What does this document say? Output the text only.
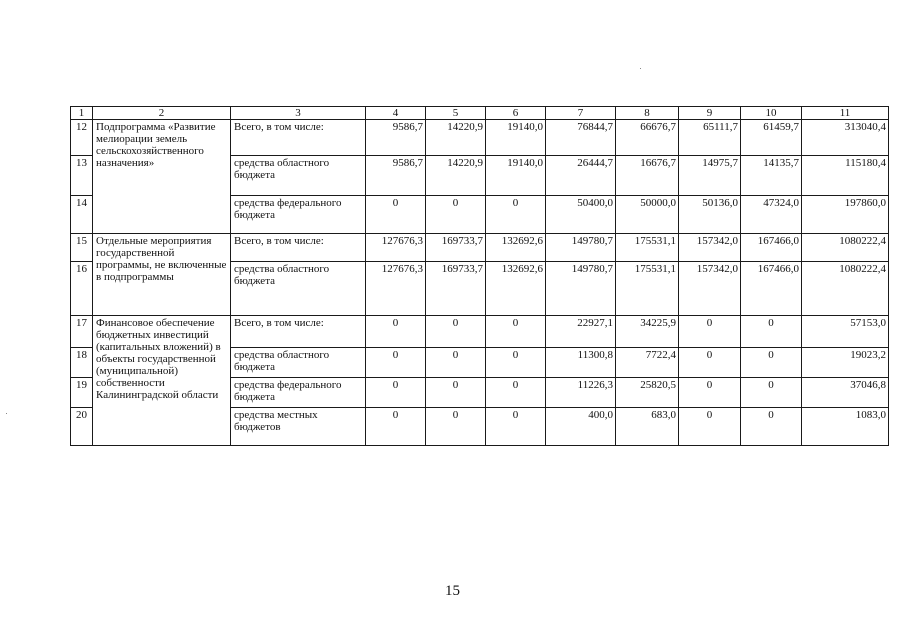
1	2	3	4	5	6	7	8	9	10	11
12	Подпрограмма «Развитие мелиорации земель сельскохозяйственного назначения»	Всего, в том числе:	9586,7	14220,9	19140,0	76844,7	66676,7	65111,7	61459,7	313040,4
13		средства областного бюджета	9586,7	14220,9	19140,0	26444,7	16676,7	14975,7	14135,7	115180,4
14		средства федерального бюджета	0	0	0	50400,0	50000,0	50136,0	47324,0	197860,0
15	Отдельные мероприятия государственной программы, не включенные в подпрограммы	Всего, в том числе:	127676,3	169733,7	132692,6	149780,7	175531,1	157342,0	167466,0	1080222,4
16		средства областного бюджета	127676,3	169733,7	132692,6	149780,7	175531,1	157342,0	167466,0	1080222,4
17	Финансовое обеспечение бюджетных инвестиций (капитальных вложений) в объекты государственной (муниципальной) собственности Калининградской области	Всего, в том числе:	0	0	0	22927,1	34225,9	0	0	57153,0
18		средства областного бюджета	0	0	0	11300,8	7722,4	0	0	19023,2
19		средства федерального бюджета	0	0	0	11226,3	25820,5	0	0	37046,8
20		средства местных бюджетов	0	0	0	400,0	683,0	0	0	1083,0
15
